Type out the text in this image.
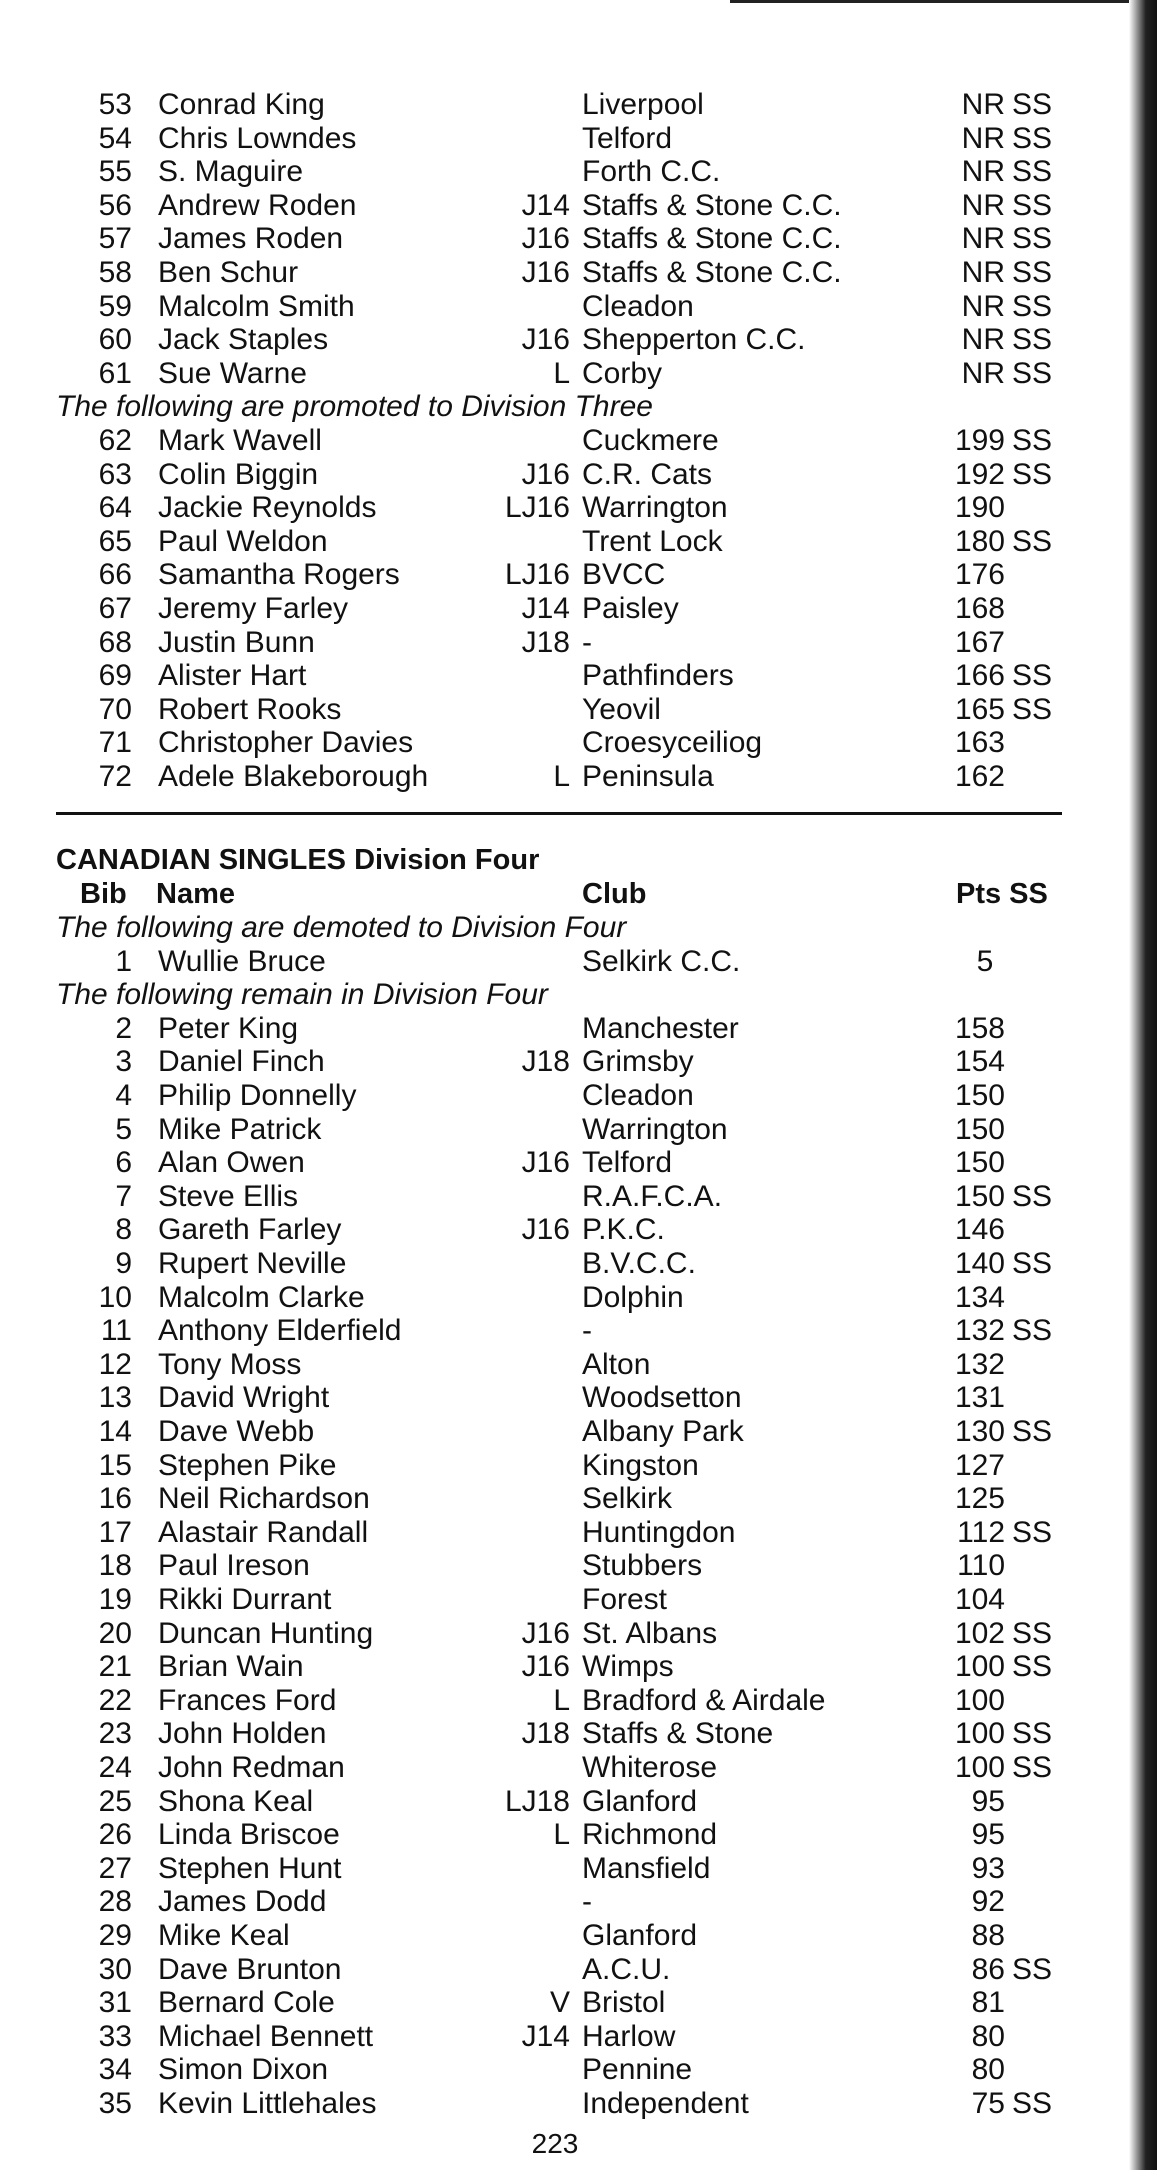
53 Conrad King	Liverpool	NR SS
54 Chris Lowndes	Telford	NR SS
55 S. Maguire	Forth C.C.	NR SS
56 Andrew Roden	J14 Staffs & Stone C.C.	NR SS
57 James Roden	J16 Staffs & Stone C.C.	NR SS
58 Ben Schur	J16 Staffs & Stone C.C.	NR SS
59 Malcolm Smith	Cleadon	NR SS
60 Jack Staples	J16 Shepperton C.C.	NR SS
61 Sue Warne	L Corby	NR SS
62 Mark Wavell	Cuckmere	199 SS
63 Colin Biggin	J16 C.R. Cats	192 SS
64 Jackie Reynolds	LJ16 Warrington	190
65 Paul Weldon	Trent Lock	180 SS
66 Samantha Rogers	LJ16 BVCC	176
67 Jeremy Farley	J14 Paisley	168
68 Justin Bunn	J18 -	167
69 Alister Hart	Pathfinders	166 SS
70 Robert Rooks	Yeovil	165 SS
71 Christopher Davies	Croesyceiliog	163
72 Adele Blakeborough	L Peninsula	162
1 Wullie Bruce	Selkirk C.C.	5
2 Peter King	Manchester	158
3 Daniel Finch	J18 Grimsby	154
4 Philip Donnelly	Cleadon	150
5 Mike Patrick	Warrington	150
6 Alan Owen	J16 Telford	150
7 Steve Ellis	R.A.F.C.A.	150 SS
8 Gareth Farley	J16 P.K.C.	146
9 Rupert Neville	B.V.C.C.	140 SS
10 Malcolm Clarke	Dolphin	134
11 Anthony Elderfield	-	132 SS
12 Tony Moss	Alton	132
13 David Wright	Woodsetton	131
14 Dave Webb	Albany Park	130 SS
15 Stephen Pike	Kingston	127
16 Neil Richardson	Selkirk	125
17 Alastair Randall	Huntingdon	112 SS
18 Paul Ireson	Stubbers	110
19 Rikki Durrant	Forest	104
20 Duncan Hunting	J16 St. Albans	102 SS
21 Brian Wain	J16 Wimps	100 SS
22 Frances Ford	L Bradford & Airdale	100
23 John Holden	J18 Staffs & Stone	100 SS
24 John Redman	Whiterose	100 SS
25 Shona Keal	LJ18 Glanford	95
26 Linda Briscoe	L Richmond	95
27 Stephen Hunt	Mansfield	93
28 James Dodd	-	92
29 Mike Keal	Glanford	88
30 Dave Brunton	A.C.U.	86 SS
31 Bernard Cole	V Bristol	81
33 Michael Bennett	J14 Harlow	80
34 Simon Dixon	Pennine	80
35 Kevin Littlehales	Independent	75 SS
The following are promoted to Division Three
CANADIAN SINGLES Division Four
Bib Name	Club	Pts SS
The following are demoted to Division Four
The following remain in Division Four
223
